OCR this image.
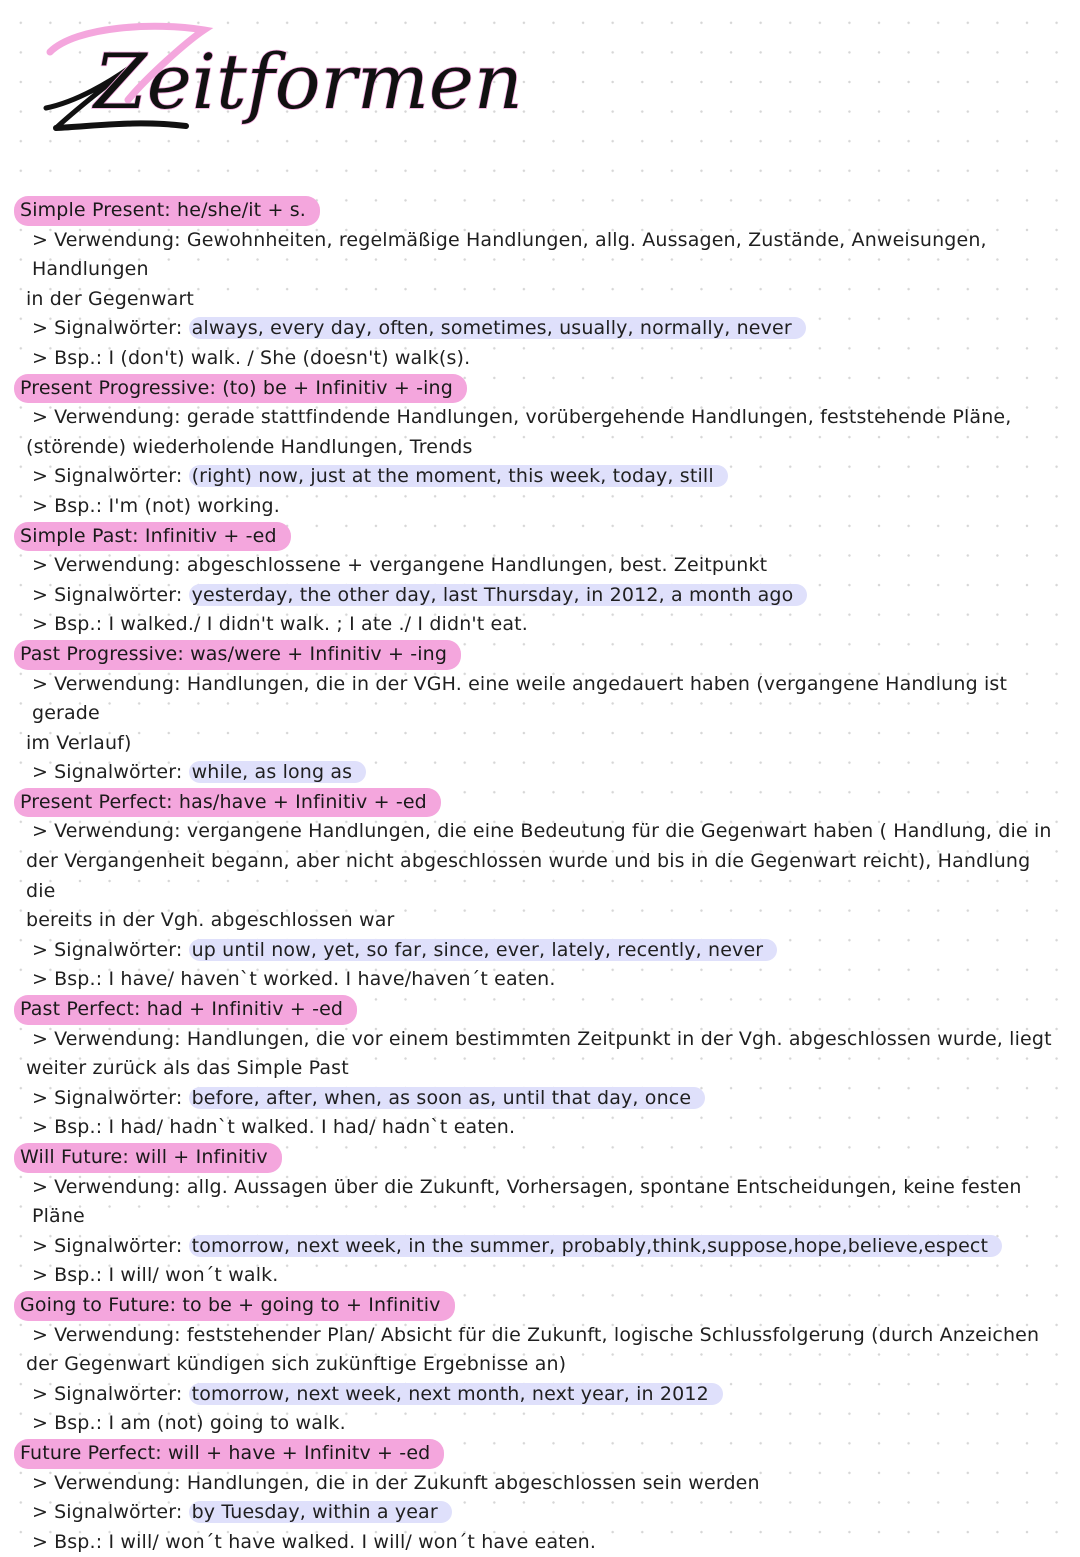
Zeitformen
Simple Present: he/she/it + s.
> Verwendung: Gewohnheiten, regelmäßige Handlungen, allg. Aussagen, Zustände, Anweisungen, Handlungen
in der Gegenwart
> Signalwörter: always, every day, often, sometimes, usually, normally, never
> Bsp.: I (don't) walk. / She (doesn't) walk(s).
Present Progressive: (to) be + Infinitiv + -ing
> Verwendung: gerade stattfindende Handlungen, vorübergehende Handlungen, feststehende Pläne,
(störende) wiederholende Handlungen, Trends
> Signalwörter: (right) now, just at the moment, this week, today, still
> Bsp.: I'm (not) working.
Simple Past: Infinitiv + -ed
> Verwendung: abgeschlossene + vergangene Handlungen, best. Zeitpunkt
> Signalwörter: yesterday, the other day, last Thursday, in 2012, a month ago
> Bsp.: I walked./ I didn't walk. ; I ate ./ I didn't eat.
Past Progressive: was/were + Infinitiv + -ing
> Verwendung: Handlungen, die in der VGH. eine weile angedauert haben (vergangene Handlung ist gerade
im Verlauf)
> Signalwörter: while, as long as
Present Perfect: has/have + Infinitiv + -ed
> Verwendung: vergangene Handlungen, die eine Bedeutung für die Gegenwart haben ( Handlung, die in
der Vergangenheit begann, aber nicht abgeschlossen wurde und bis in die Gegenwart reicht), Handlung die
bereits in der Vgh. abgeschlossen war
> Signalwörter: up until now, yet, so far, since, ever, lately, recently, never
> Bsp.: I have/ haven`t worked. I have/haven´t eaten.
Past Perfect: had + Infinitiv + -ed
> Verwendung: Handlungen, die vor einem bestimmten Zeitpunkt in der Vgh. abgeschlossen wurde, liegt
weiter zurück als das Simple Past
> Signalwörter: before, after, when, as soon as, until that day, once
> Bsp.: I had/ hadn`t walked. I had/ hadn`t eaten.
Will Future: will + Infinitiv
> Verwendung: allg. Aussagen über die Zukunft, Vorhersagen, spontane Entscheidungen, keine festen Pläne
> Signalwörter: tomorrow, next week, in the summer, probably,think,suppose,hope,believe,espect
> Bsp.: I will/ won´t walk.
Going to Future: to be + going to + Infinitiv
> Verwendung: feststehender Plan/ Absicht für die Zukunft, logische Schlussfolgerung (durch Anzeichen
der Gegenwart kündigen sich zukünftige Ergebnisse an)
> Signalwörter: tomorrow, next week, next month, next year, in 2012
> Bsp.: I am (not) going to walk.
Future Perfect: will + have + Infinitv + -ed
> Verwendung: Handlungen, die in der Zukunft abgeschlossen sein werden
> Signalwörter: by Tuesday, within a year
> Bsp.: I will/ won´t have walked. I will/ won´t have eaten.
